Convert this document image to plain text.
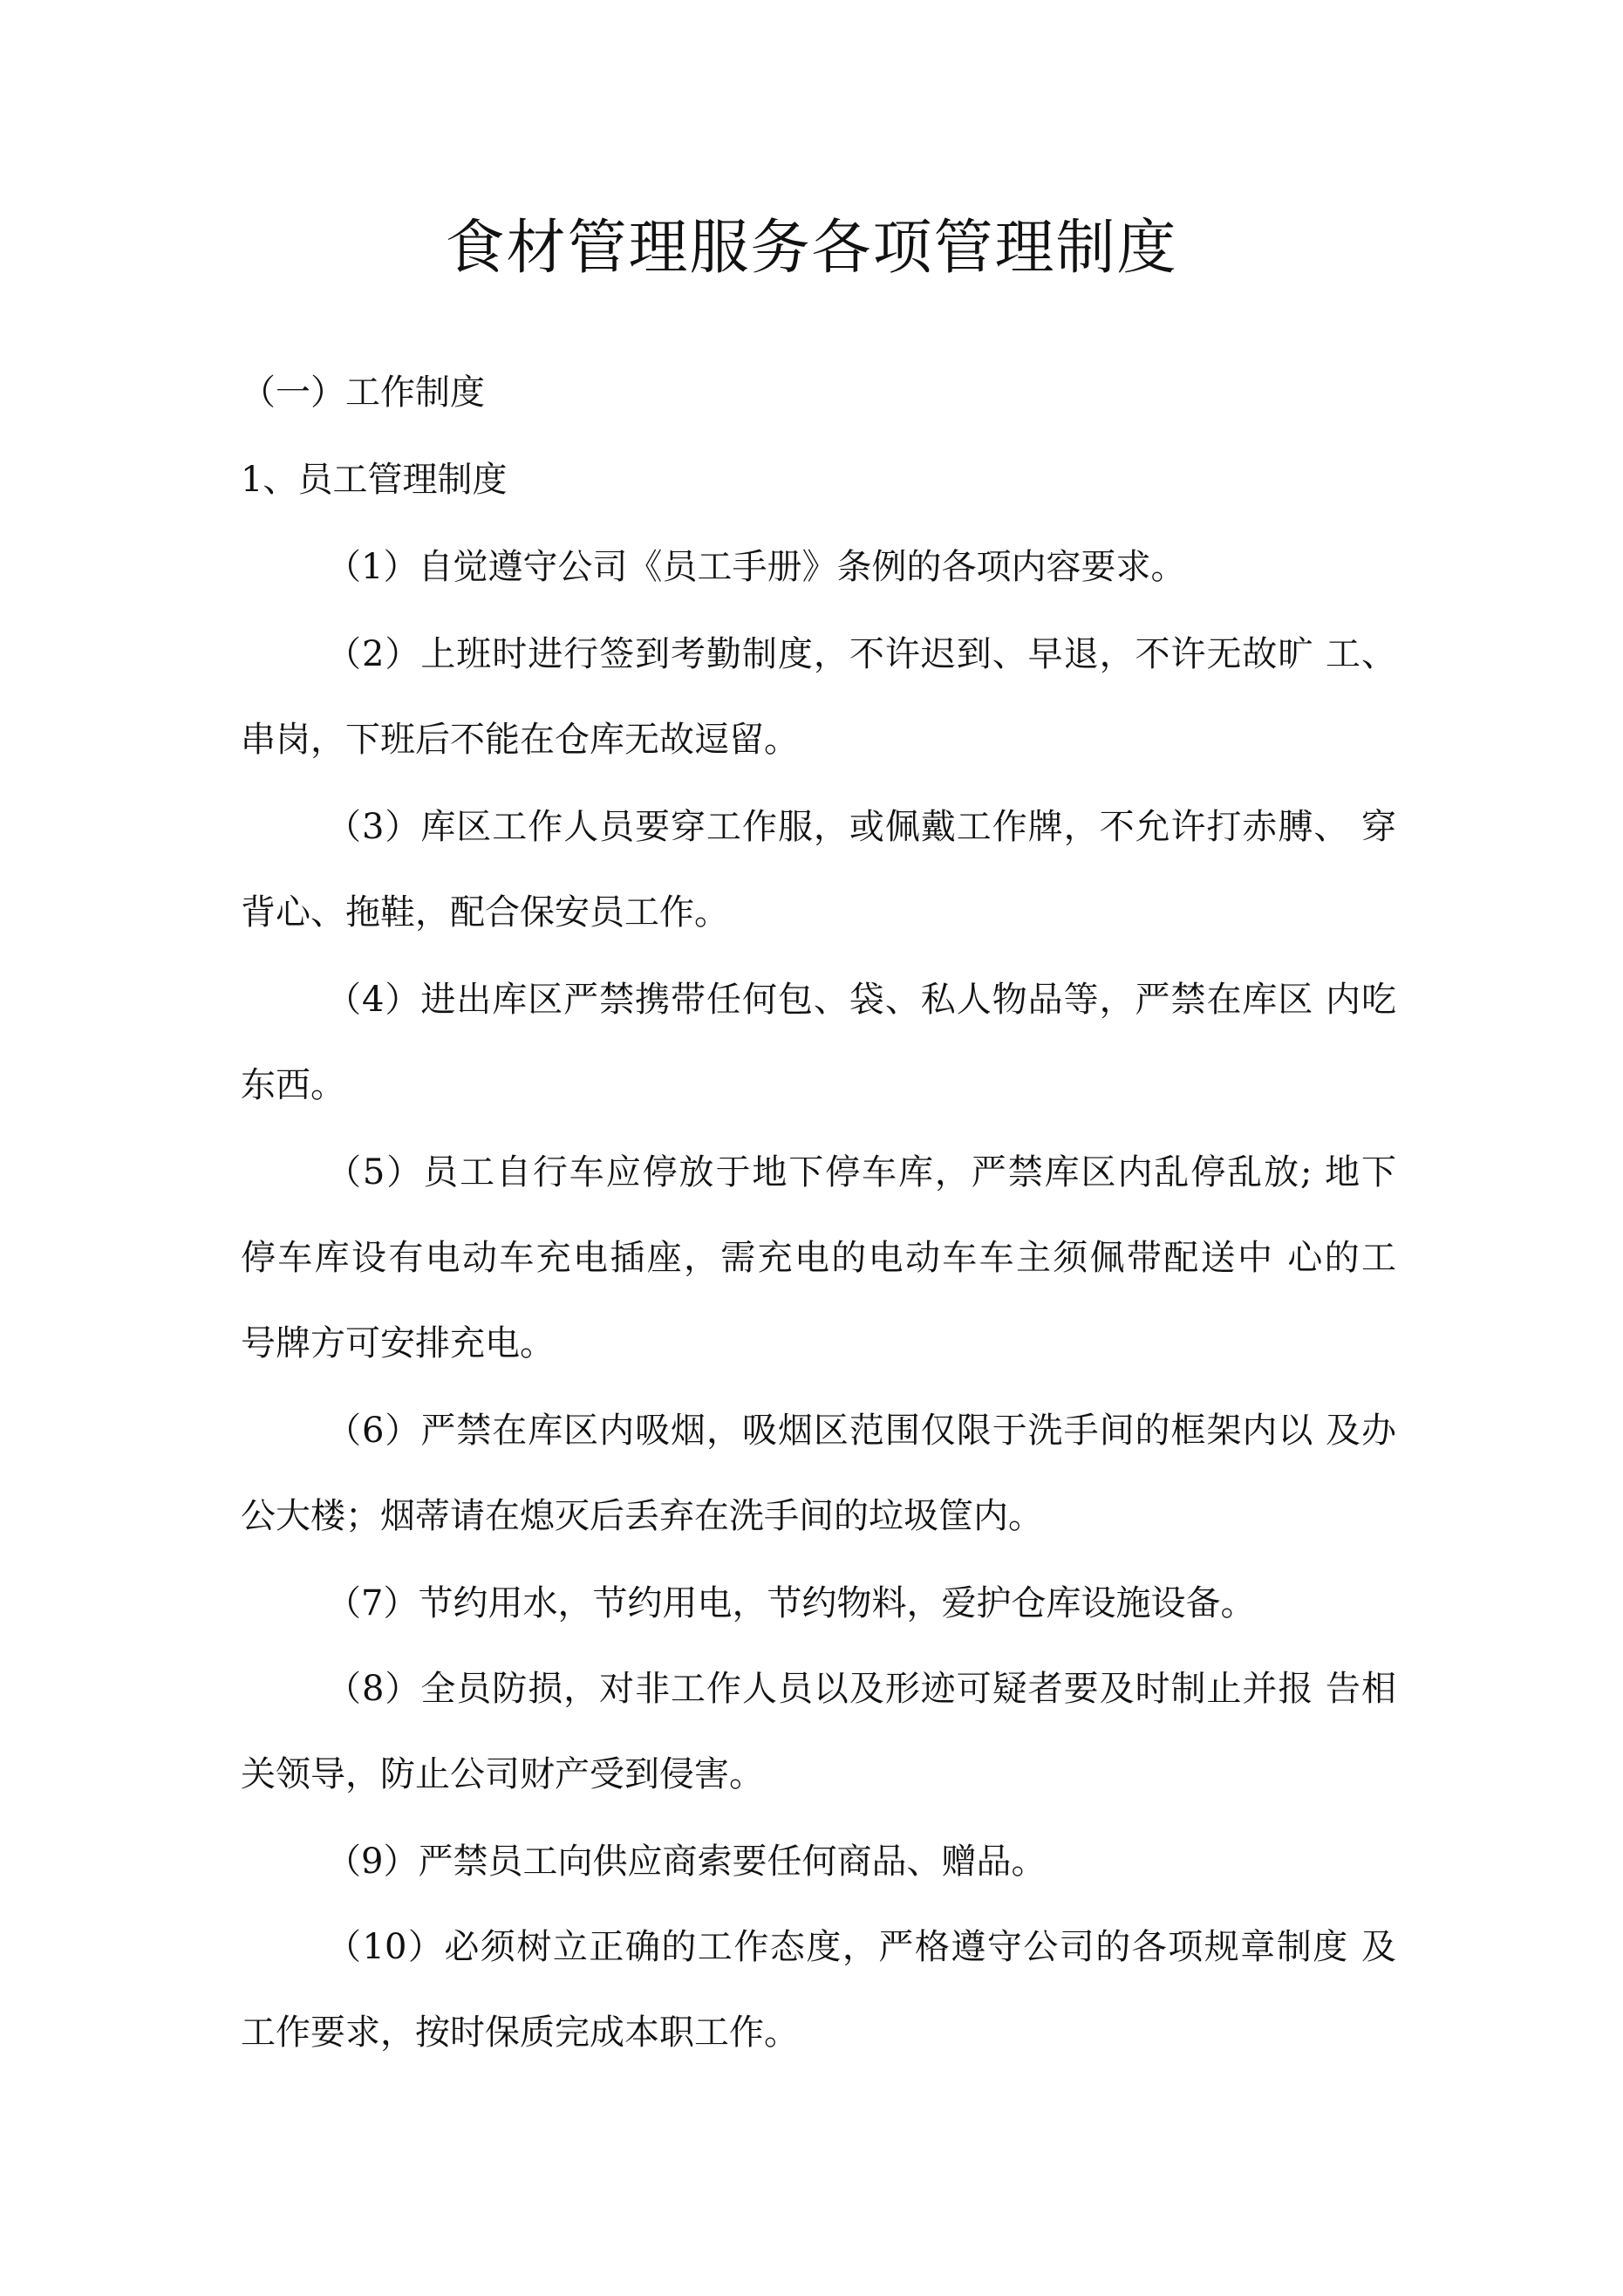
食材管理服务各项管理制度

（一）工作制度

1、员工管理制度

（1）自觉遵守公司《员工手册》条例的各项内容要求。

（2）上班时进行签到考勤制度，不许迟到、早退，不许无故旷 工、

串岗，下班后不能在仓库无故逗留。

（3）库区工作人员要穿工作服，或佩戴工作牌，不允许打赤膊、 穿

背心、拖鞋，配合保安员工作。

（4）进出库区严禁携带任何包、袋、私人物品等，严禁在库区 内吃

东西。

（5）员工自行车应停放于地下停车库，严禁库区内乱停乱放; 地下

停车库设有电动车充电插座，需充电的电动车车主须佩带配送中 心的工

号牌方可安排充电。

（6）严禁在库区内吸烟，吸烟区范围仅限于洗手间的框架内以 及办

公大楼；烟蒂请在熄灭后丢弃在洗手间的垃圾筐内。

（7）节约用水，节约用电，节约物料，爱护仓库设施设备。

（8）全员防损，对非工作人员以及形迹可疑者要及时制止并报 告相

关领导，防止公司财产受到侵害。

（9）严禁员工向供应商索要任何商品、赠品。

（10）必须树立正确的工作态度，严格遵守公司的各项规章制度 及

工作要求，按时保质完成本职工作。
